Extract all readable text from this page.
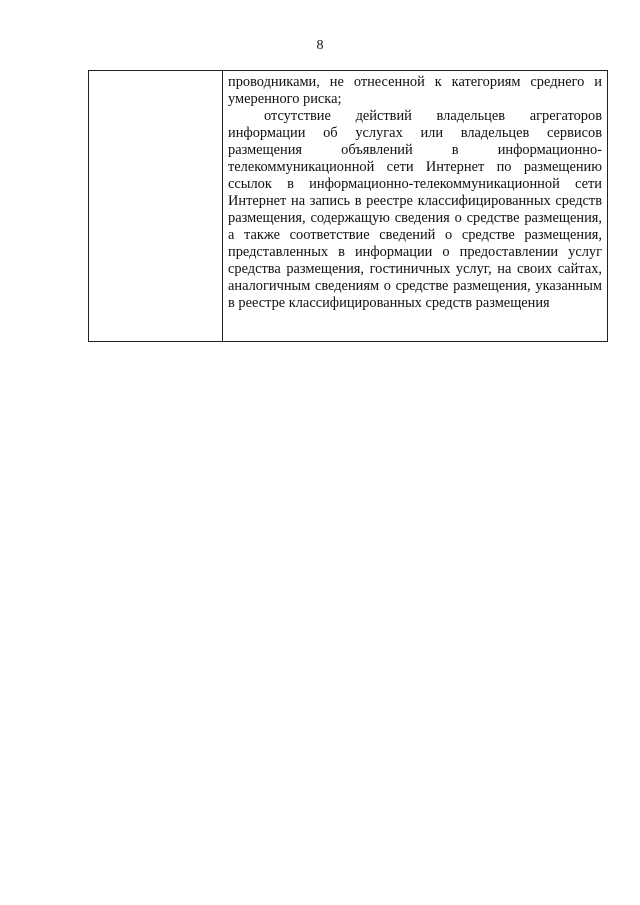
8

проводниками, не отнесенной к категориям среднего и умеренного риска;

отсутствие действий владельцев агрегаторов информации об услугах или владельцев сервисов размещения объявлений в информационно-телекоммуникационной сети Интернет по размещению ссылок в информационно-телекоммуникационной сети Интернет на запись в реестре классифицированных средств размещения, содержащую сведения о средстве размещения, а также соответствие сведений о средстве размещения, представленных в информации о предоставлении услуг средства размещения, гостиничных услуг, на своих сайтах, аналогичным сведениям о средстве размещения, указанным в реестре классифицированных средств размещения
